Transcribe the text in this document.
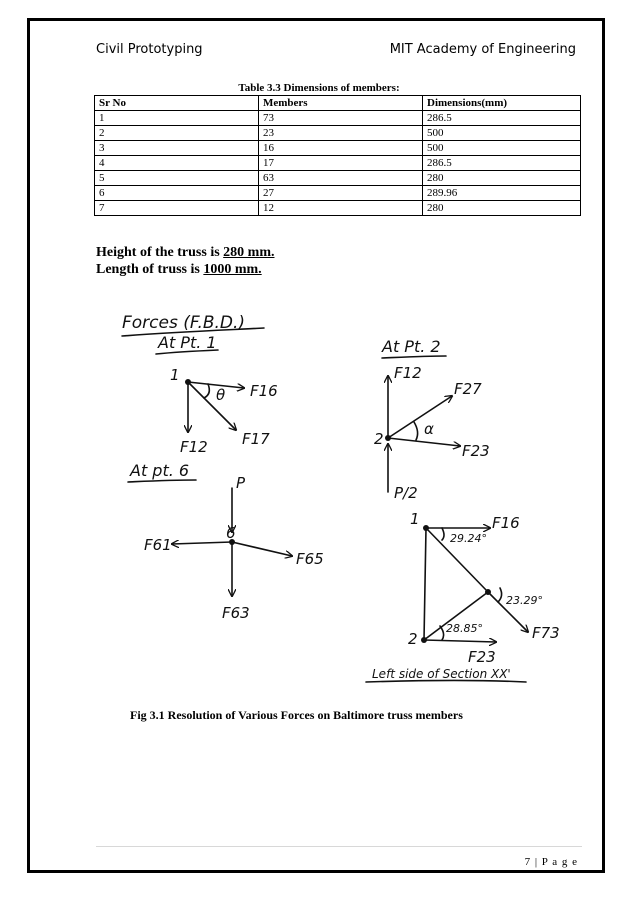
Civil Prototyping	MIT Academy of Engineering
Table 3.3 Dimensions of members:
Sr No	Members	Dimensions(mm)
1	73	286.5
2	23	500
3	16	500
4	17	286.5
5	63	280
6	27	289.96
7	12	280
Height of the truss is 280 mm.
Length of truss is 1000 mm.
Forces (F.B.D.)
At Pt. 1
1
F16
F12 F17
θ
At Pt. 2
F12
F27
F23
2
P/2
α
At pt. 6
P
6
F61
F65
F63
1
2
29.24°
23.29°
28.85°
F16
F73
F23
Left side of Section XX'
Fig 3.1 Resolution of Various Forces on Baltimore truss members
7 | P a g e
